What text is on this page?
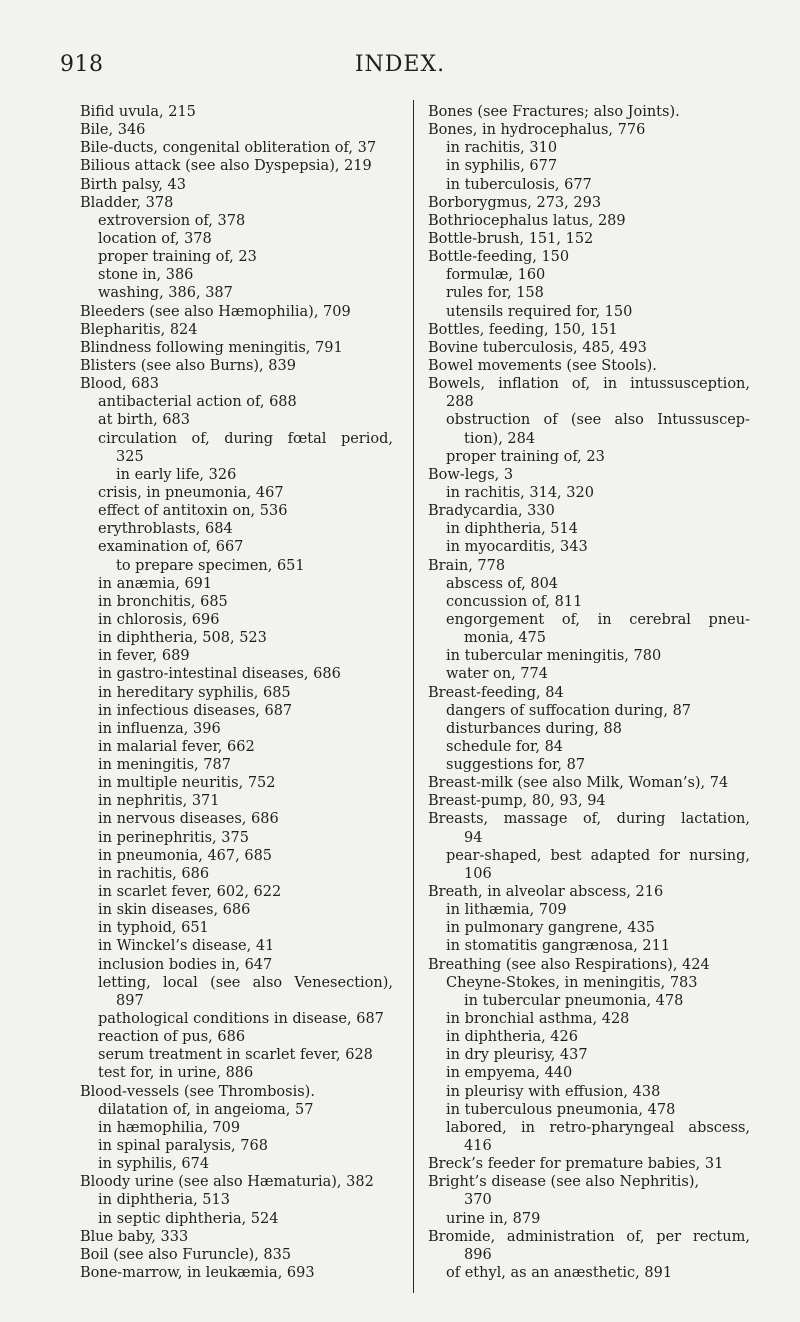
918	INDEX.
Bifid uvula, 215
Bile, 346
Bile-ducts, congenital obliteration of, 37
Bilious attack (see also Dyspepsia), 219
Birth palsy, 43
Bladder, 378
extroversion of, 378
location of, 378
proper training of, 23
stone in, 386
washing, 386, 387
Bleeders (see also Hæmophilia), 709
Blepharitis, 824
Blindness following meningitis, 791
Blisters (see also Burns), 839
Blood, 683
antibacterial action of, 688
at birth, 683
circulation of, during fœtal period,
325
in early life, 326
crisis, in pneumonia, 467
effect of antitoxin on, 536
erythroblasts, 684
examination of, 667
to prepare specimen, 651
in anæmia, 691
in bronchitis, 685
in chlorosis, 696
in diphtheria, 508, 523
in fever, 689
in gastro-intestinal diseases, 686
in hereditary syphilis, 685
in infectious diseases, 687
in influenza, 396
in malarial fever, 662
in meningitis, 787
in multiple neuritis, 752
in nephritis, 371
in nervous diseases, 686
in perinephritis, 375
in pneumonia, 467, 685
in rachitis, 686
in scarlet fever, 602, 622
in skin diseases, 686
in typhoid, 651
in Winckel’s disease, 41
inclusion bodies in, 647
letting, local (see also Venesection),
897
pathological conditions in disease, 687
reaction of pus, 686
serum treatment in scarlet fever, 628
test for, in urine, 886
Blood-vessels (see Thrombosis).
dilatation of, in angeioma, 57
in hæmophilia, 709
in spinal paralysis, 768
in syphilis, 674
Bloody urine (see also Hæmaturia), 382
in diphtheria, 513
in septic diphtheria, 524
Blue baby, 333
Boil (see also Furuncle), 835
Bone-marrow, in leukæmia, 693
Bones (see Fractures; also Joints).
Bones, in hydrocephalus, 776
in rachitis, 310
in syphilis, 677
in tuberculosis, 677
Borborygmus, 273, 293
Bothriocephalus latus, 289
Bottle-brush, 151, 152
Bottle-feeding, 150
formulæ, 160
rules for, 158
utensils required for, 150
Bottles, feeding, 150, 151
Bovine tuberculosis, 485, 493
Bowel movements (see Stools).
Bowels, inflation of, in intussusception,
288
obstruction of (see also Intussuscep-
tion), 284
proper training of, 23
Bow-legs, 3
in rachitis, 314, 320
Bradycardia, 330
in diphtheria, 514
in myocarditis, 343
Brain, 778
abscess of, 804
concussion of, 811
engorgement of, in cerebral pneu-
monia, 475
in tubercular meningitis, 780
water on, 774
Breast-feeding, 84
dangers of suffocation during, 87
disturbances during, 88
schedule for, 84
suggestions for, 87
Breast-milk (see also Milk, Woman’s), 74
Breast-pump, 80, 93, 94
Breasts, massage of, during lactation,
94
pear-shaped, best adapted for nursing,
106
Breath, in alveolar abscess, 216
in lithæmia, 709
in pulmonary gangrene, 435
in stomatitis gangrænosa, 211
Breathing (see also Respirations), 424
Cheyne-Stokes, in meningitis, 783
in tubercular pneumonia, 478
in bronchial asthma, 428
in diphtheria, 426
in dry pleurisy, 437
in empyema, 440
in pleurisy with effusion, 438
in tuberculous pneumonia, 478
labored, in retro-pharyngeal abscess,
416
Breck’s feeder for premature babies, 31
Bright’s disease (see also Nephritis),
370
urine in, 879
Bromide, administration of, per rectum,
896
of ethyl, as an anæsthetic, 891
